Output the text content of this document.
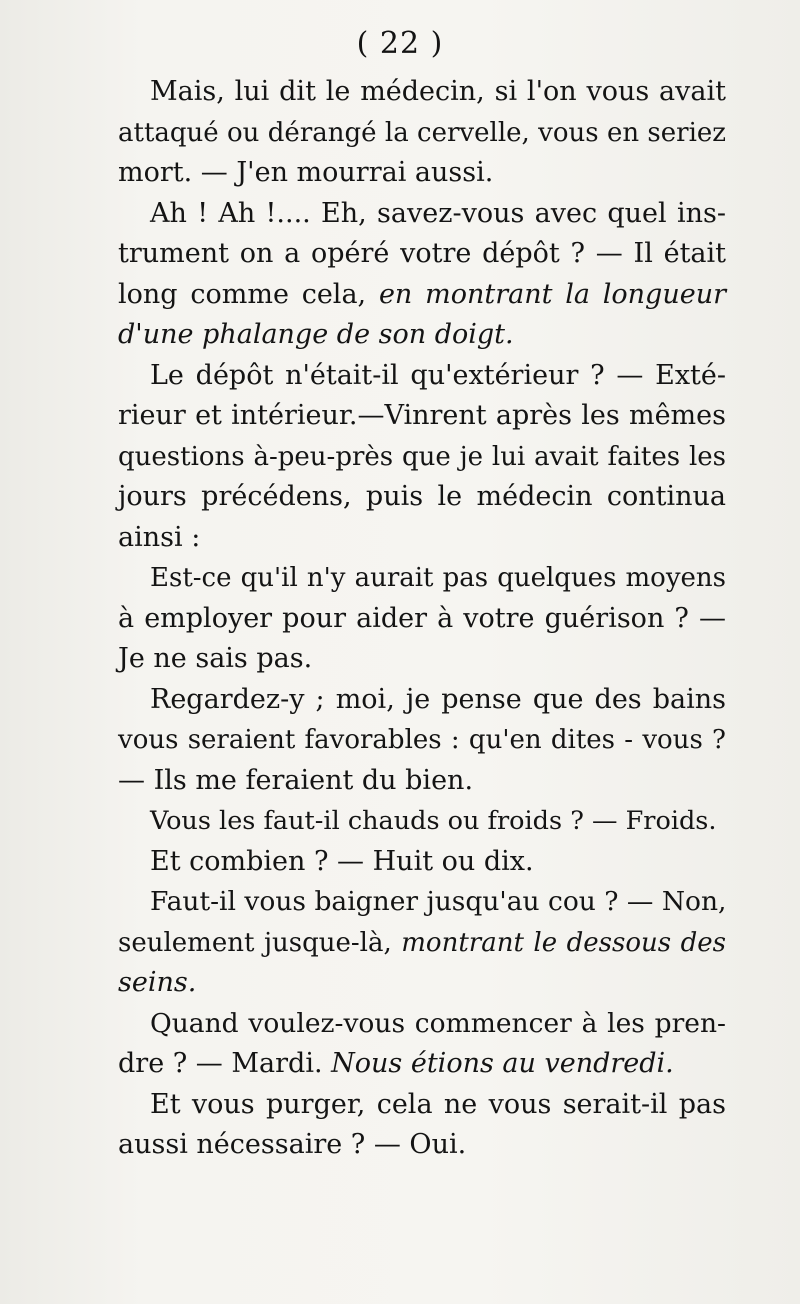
( 22 )
Mais, lui dit le médecin, si l'on vous avait
attaqué ou dérangé la cervelle, vous en seriez
mort. — J'en mourrai aussi.
Ah ! Ah !.... Eh, savez-vous avec quel ins-
trument on a opéré votre dépôt ? — Il était
long comme cela, en montrant la longueur
d'une phalange de son doigt.
Le dépôt n'était-il qu'extérieur ? — Exté-
rieur et intérieur.—Vinrent après les mêmes
questions à-peu-près que je lui avait faites les
jours précédens, puis le médecin continua
ainsi :
Est-ce qu'il n'y aurait pas quelques moyens
à employer pour aider à votre guérison ? —
Je ne sais pas.
Regardez-y ; moi, je pense que des bains
vous seraient favorables : qu'en dites - vous ?
— Ils me feraient du bien.
Vous les faut-il chauds ou froids ? — Froids.
Et combien ? — Huit ou dix.
Faut-il vous baigner jusqu'au cou ? — Non,
seulement jusque-là, montrant le dessous des
seins.
Quand voulez-vous commencer à les pren-
dre ? — Mardi. Nous étions au vendredi.
Et vous purger, cela ne vous serait-il pas
aussi nécessaire ? — Oui.
